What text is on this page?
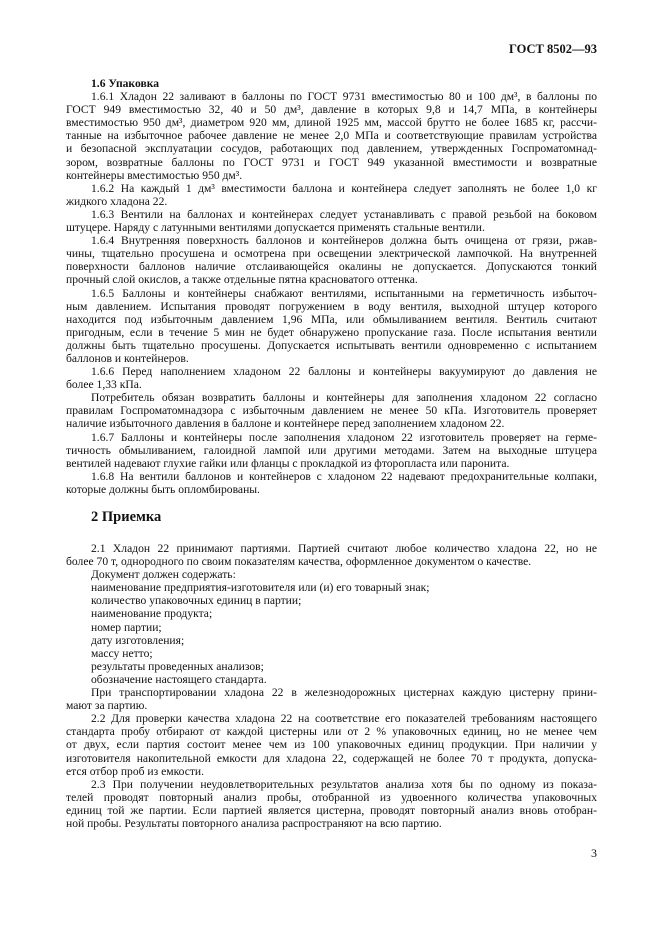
ГОСТ 8502—93
1.6 Упаковка
1.6.1 Хладон 22 заливают в баллоны по ГОСТ 9731 вместимостью 80 и 100 дм³, в баллоны по
ГОСТ 949 вместимостью 32, 40 и 50 дм³, давление в которых 9,8 и 14,7 МПа, в контейнеры
вместимостью 950 дм³, диаметром 920 мм, длиной 1925 мм, массой брутто не более 1685 кг, рассчи-
танные на избыточное рабочее давление не менее 2,0 МПа и соответствующие правилам устройства
и безопасной эксплуатации сосудов, работающих под давлением, утвержденных Госпроматомнад-
зором, возвратные баллоны по ГОСТ 9731 и ГОСТ 949 указанной вместимости и возвратные
контейнеры вместимостью 950 дм³.
1.6.2 На каждый 1 дм³ вместимости баллона и контейнера следует заполнять не более 1,0 кг
жидкого хладона 22.
1.6.3 Вентили на баллонах и контейнерах следует устанавливать с правой резьбой на боковом
штуцере. Наряду с латунными вентилями допускается применять стальные вентили.
1.6.4 Внутренняя поверхность баллонов и контейнеров должна быть очищена от грязи, ржав-
чины, тщательно просушена и осмотрена при освещении электрической лампочкой. На внутренней
поверхности баллонов наличие отслаивающейся окалины не допускается. Допускаются тонкий
прочный слой окислов, а также отдельные пятна красноватого оттенка.
1.6.5 Баллоны и контейнеры снабжают вентилями, испытанными на герметичность избыточ-
ным давлением. Испытания проводят погружением в воду вентиля, выходной штуцер которого
находится под избыточным давлением 1,96 МПа, или обмыливанием вентиля. Вентиль считают
пригодным, если в течение 5 мин не будет обнаружено пропускание газа. После испытания вентили
должны быть тщательно просушены. Допускается испытывать вентили одновременно с испытанием
баллонов и контейнеров.
1.6.6 Перед наполнением хладоном 22 баллоны и контейнеры вакуумируют до давления не
более 1,33 кПа.
Потребитель обязан возвратить баллоны и контейнеры для заполнения хладоном 22 согласно
правилам Госпроматомнадзора с избыточным давлением не менее 50 кПа. Изготовитель проверяет
наличие избыточного давления в баллоне и контейнере перед заполнением хладоном 22.
1.6.7 Баллоны и контейнеры после заполнения хладоном 22 изготовитель проверяет на герме-
тичность обмыливанием, галоидной лампой или другими методами. Затем на выходные штуцера
вентилей надевают глухие гайки или фланцы с прокладкой из фторопласта или паронита.
1.6.8 На вентили баллонов и контейнеров с хладоном 22 надевают предохранительные колпаки,
которые должны быть опломбированы.
2 Приемка
2.1 Хладон 22 принимают партиями. Партией считают любое количество хладона 22, но не
более 70 т, однородного по своим показателям качества, оформленное документом о качестве.
Документ должен содержать:
наименование предприятия-изготовителя или (и) его товарный знак;
количество упаковочных единиц в партии;
наименование продукта;
номер партии;
дату изготовления;
массу нетто;
результаты проведенных анализов;
обозначение настоящего стандарта.
При транспортировании хладона 22 в железнодорожных цистернах каждую цистерну прини-
мают за партию.
2.2 Для проверки качества хладона 22 на соответствие его показателей требованиям настоящего
стандарта пробу отбирают от каждой цистерны или от 2 % упаковочных единиц, но не менее чем
от двух, если партия состоит менее чем из 100 упаковочных единиц продукции. При наличии у
изготовителя накопительной емкости для хладона 22, содержащей не более 70 т продукта, допуска-
ется отбор проб из емкости.
2.3 При получении неудовлетворительных результатов анализа хотя бы по одному из показа-
телей проводят повторный анализ пробы, отобранной из удвоенного количества упаковочных
единиц той же партии. Если партией является цистерна, проводят повторный анализ вновь отобран-
ной пробы. Результаты повторного анализа распространяют на всю партию.
3
